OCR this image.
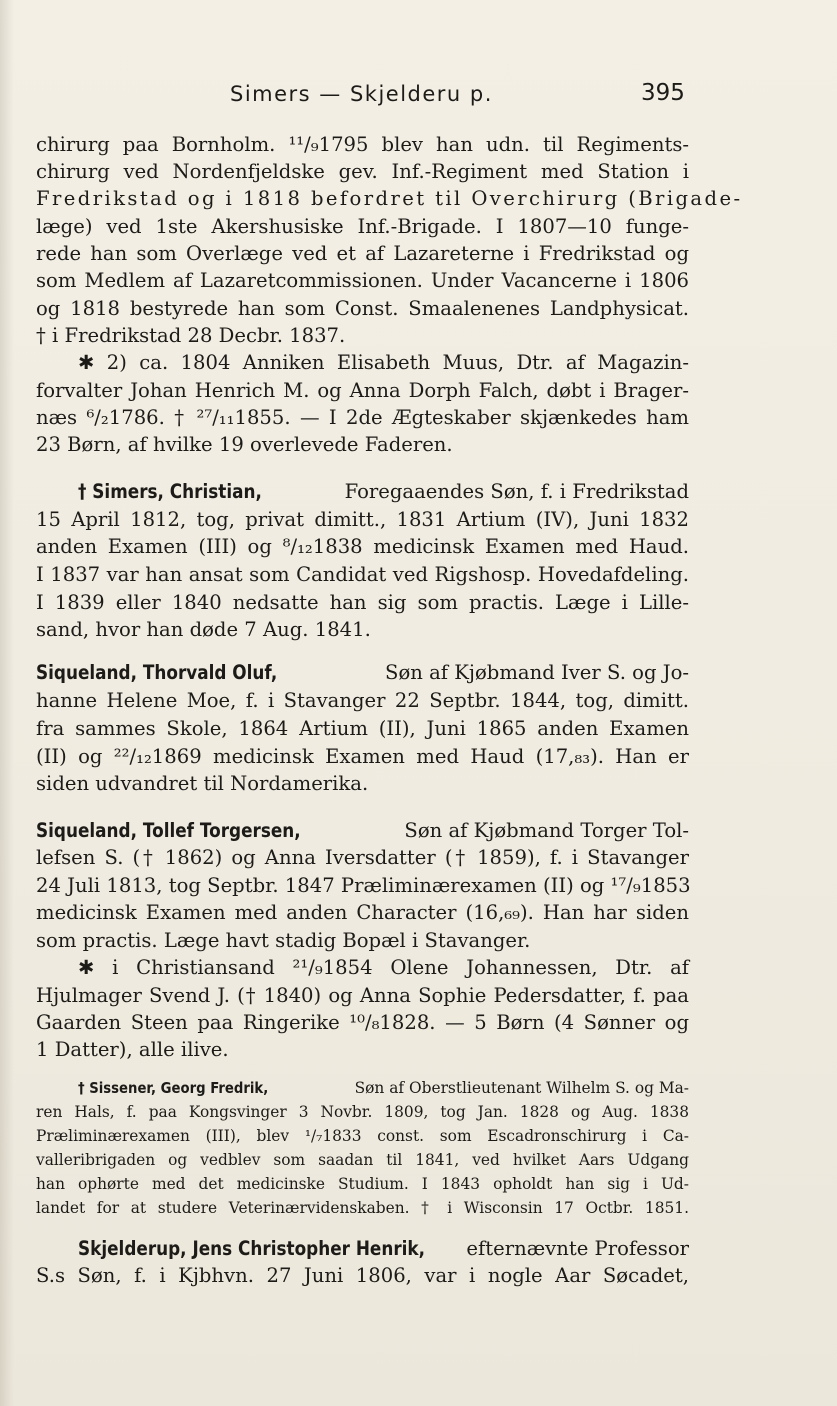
Simers — Skjelderu p.	395
chirurg paa Bornholm. ¹¹/₉1795 blev han udn. til Regiments-
chirurg ved Nordenfjeldske gev. Inf.-Regiment med Station i
Fredrikstad og i 1818 befordret til Overchirurg (Brigade-
læge) ved 1ste Akershusiske Inf.-Brigade. I 1807—10 funge-
rede han som Overlæge ved et af Lazareterne i Fredrikstad og
som Medlem af Lazaretcommissionen. Under Vacancerne i 1806
og 1818 bestyrede han som Const. Smaalenenes Landphysicat.
† i Fredrikstad 28 Decbr. 1837.
✱ 2) ca. 1804 Anniken Elisabeth Muus, Dtr. af Magazin-
forvalter Johan Henrich M. og Anna Dorph Falch, døbt i Brager-
næs ⁶/₂1786. † ²⁷/₁₁1855. — I 2de Ægteskaber skjænkedes ham
23 Børn, af hvilke 19 overlevede Faderen.
† Simers, Christian,	Foregaaendes Søn, f. i Fredrikstad
15 April 1812, tog, privat dimitt., 1831 Artium (IV), Juni 1832
anden Examen (III) og ⁸/₁₂1838 medicinsk Examen med Haud.
I 1837 var han ansat som Candidat ved Rigshosp. Hovedafdeling.
I 1839 eller 1840 nedsatte han sig som practis. Læge i Lille-
sand, hvor han døde 7 Aug. 1841.
Siqueland, Thorvald Oluf,	Søn af Kjøbmand Iver S. og Jo-
hanne Helene Moe, f. i Stavanger 22 Septbr. 1844, tog, dimitt.
fra sammes Skole, 1864 Artium (II), Juni 1865 anden Examen
(II) og ²²/₁₂1869 medicinsk Examen med Haud (17,₈₃). Han er
siden udvandret til Nordamerika.
Siqueland, Tollef Torgersen,	Søn af Kjøbmand Torger Tol-
lefsen S. († 1862) og Anna Iversdatter († 1859), f. i Stavanger
24 Juli 1813, tog Septbr. 1847 Præliminærexamen (II) og ¹⁷/₉1853
medicinsk Examen med anden Character (16,₆₉). Han har siden
som practis. Læge havt stadig Bopæl i Stavanger.
✱ i Christiansand ²¹/₉1854 Olene Johannessen, Dtr. af
Hjulmager Svend J. († 1840) og Anna Sophie Pedersdatter, f. paa
Gaarden Steen paa Ringerike ¹⁰/₈1828. — 5 Børn (4 Sønner og
1 Datter), alle ilive.
† Sissener, Georg Fredrik,	Søn af Oberstlieutenant Wilhelm S. og Ma-
ren Hals, f. paa Kongsvinger 3 Novbr. 1809, tog Jan. 1828 og Aug. 1838
Præliminærexamen (III), blev ¹/₇1833 const. som Escadronschirurg i Ca-
valleribrigaden og vedblev som saadan til 1841, ved hvilket Aars Udgang
han ophørte med det medicinske Studium. I 1843 opholdt han sig i Ud-
landet for at studere Veterinærvidenskaben. † i Wisconsin 17 Octbr. 1851.
Skjelderup, Jens Christopher Henrik, efternævnte Professor
S.s Søn, f. i Kjbhvn. 27 Juni 1806, var i nogle Aar Søcadet,
